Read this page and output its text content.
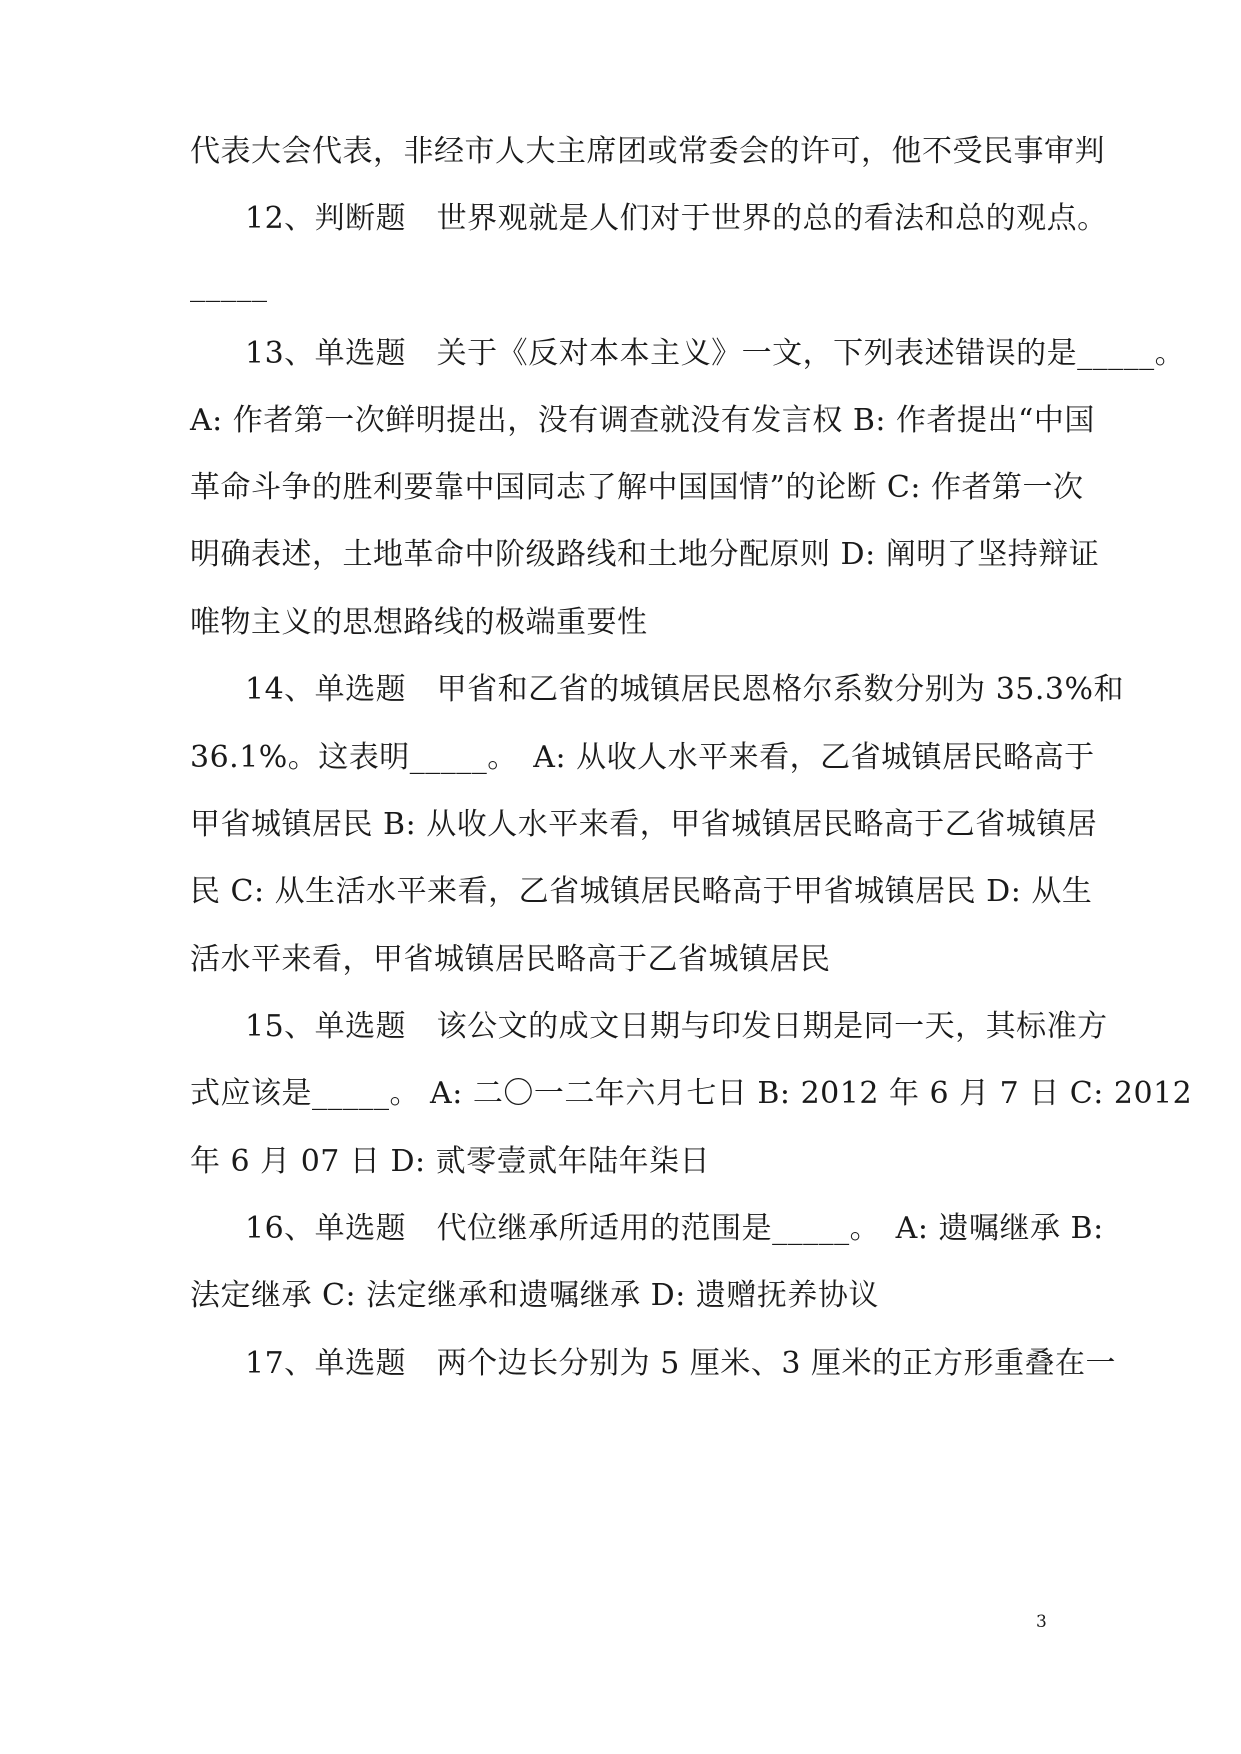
代表大会代表，非经市人大主席团或常委会的许可，他不受民事审判
12、判断题　世界观就是人们对于世界的总的看法和总的观点。
_____
13、单选题　关于《反对本本主义》一文，下列表述错误的是_____。
A: 作者第一次鲜明提出，没有调查就没有发言权 B: 作者提出“中国
革命斗争的胜利要靠中国同志了解中国国情”的论断 C: 作者第一次
明确表述，土地革命中阶级路线和土地分配原则 D: 阐明了坚持辩证
唯物主义的思想路线的极端重要性
14、单选题　甲省和乙省的城镇居民恩格尔系数分别为 35.3%和
36.1%。这表明_____。　A: 从收人水平来看，乙省城镇居民略高于
甲省城镇居民 B: 从收人水平来看，甲省城镇居民略高于乙省城镇居
民 C: 从生活水平来看，乙省城镇居民略高于甲省城镇居民 D: 从生
活水平来看，甲省城镇居民略高于乙省城镇居民
15、单选题　该公文的成文日期与印发日期是同一天，其标准方
式应该是_____。 A: 二〇一二年六月七日 B: 2012 年 6 月 7 日 C: 2012
年 6 月 07 日 D: 贰零壹贰年陆年柒日
16、单选题　代位继承所适用的范围是_____。　A: 遗嘱继承 B:
法定继承 C: 法定继承和遗嘱继承 D: 遗赠抚养协议
17、单选题　两个边长分别为 5 厘米、3 厘米的正方形重叠在一
3
